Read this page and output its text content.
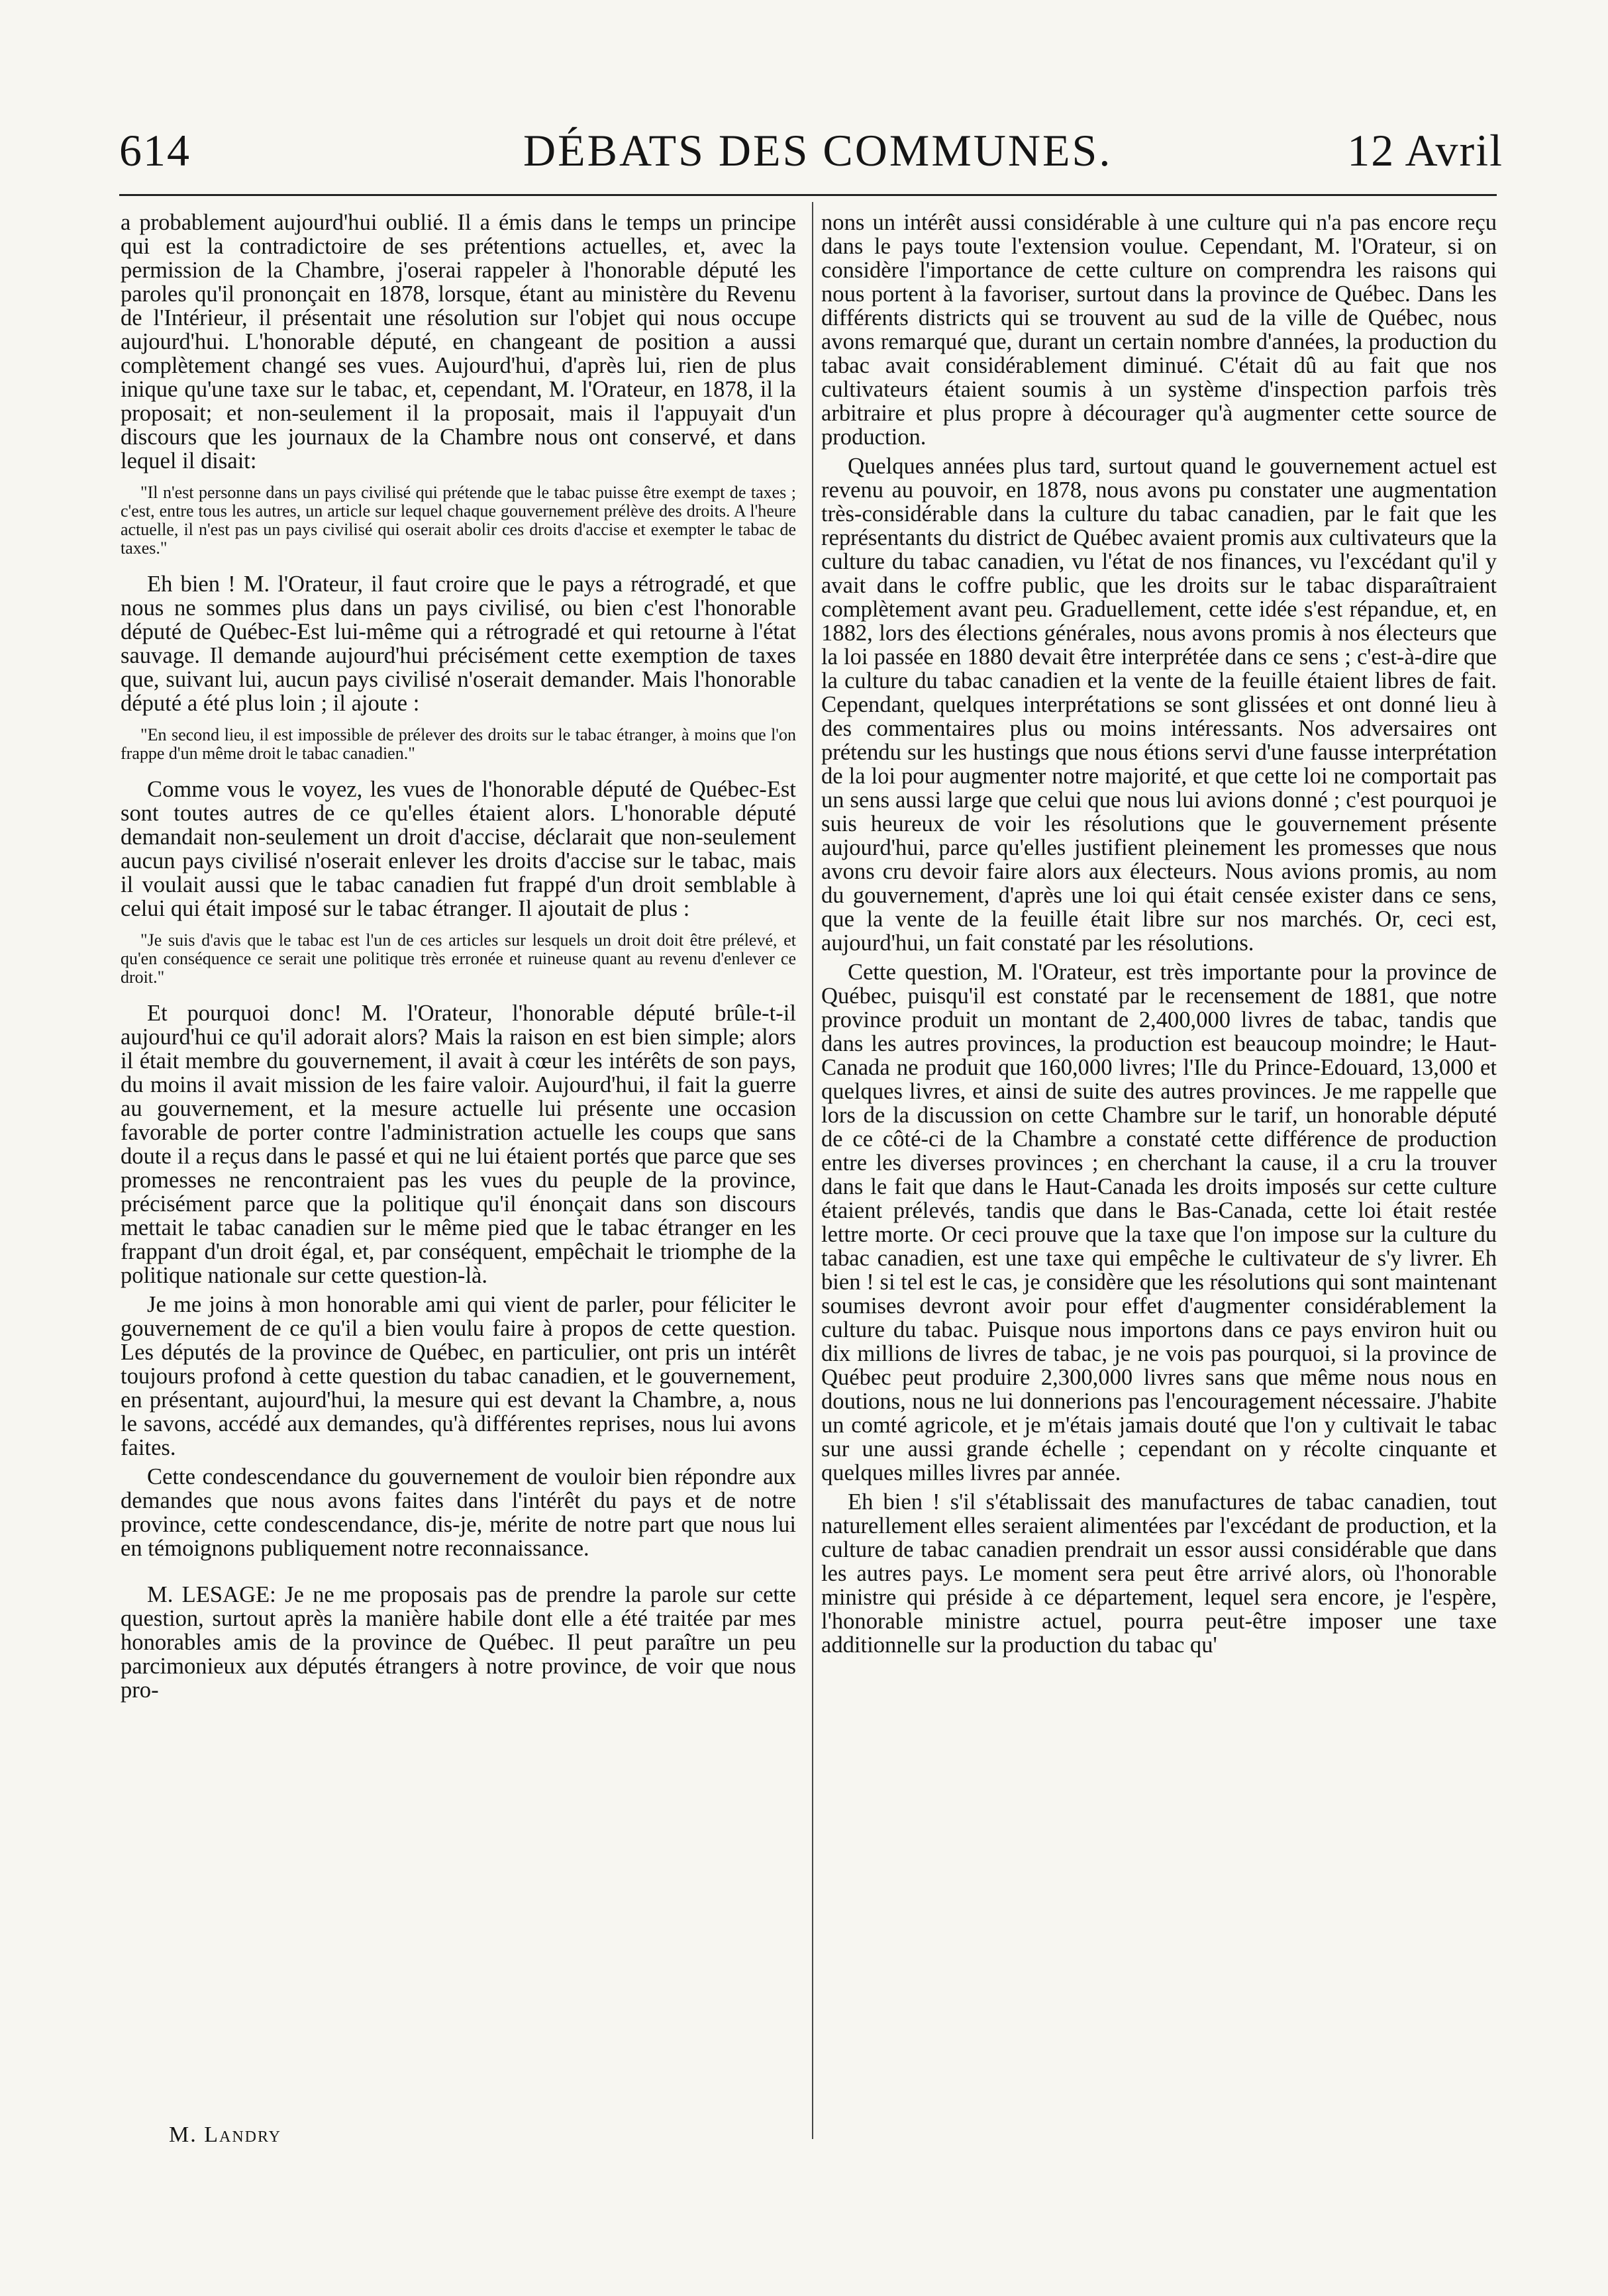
614	DÉBATS DES COMMUNES.	12 Avril

a probablement aujourd'hui oublié. Il a émis dans le temps un principe qui est la contradictoire de ses prétentions actuelles, et, avec la permission de la Chambre, j'oserai rappeler à l'honorable député les paroles qu'il prononçait en 1878, lorsque, étant au ministère du Revenu de l'Intérieur, il présentait une résolution sur l'objet qui nous occupe aujourd'hui. L'honorable député, en changeant de position a aussi complètement changé ses vues. Aujourd'hui, d'après lui, rien de plus inique qu'une taxe sur le tabac, et, cependant, M. l'Orateur, en 1878, il la proposait; et non-seulement il la proposait, mais il l'appuyait d'un discours que les journaux de la Chambre nous ont conservé, et dans lequel il disait:

"Il n'est personne dans un pays civilisé qui prétende que le tabac puisse être exempt de taxes ; c'est, entre tous les autres, un article sur lequel chaque gouvernement prélève des droits. A l'heure actuelle, il n'est pas un pays civilisé qui oserait abolir ces droits d'accise et exempter le tabac de taxes."

Eh bien ! M. l'Orateur, il faut croire que le pays a rétrogradé, et que nous ne sommes plus dans un pays civilisé, ou bien c'est l'honorable député de Québec-Est lui-même qui a rétrogradé et qui retourne à l'état sauvage. Il demande aujourd'hui précisément cette exemption de taxes que, suivant lui, aucun pays civilisé n'oserait demander. Mais l'honorable député a été plus loin ; il ajoute :

"En second lieu, il est impossible de prélever des droits sur le tabac étranger, à moins que l'on frappe d'un même droit le tabac canadien."

Comme vous le voyez, les vues de l'honorable député de Québec-Est sont toutes autres de ce qu'elles étaient alors. L'honorable député demandait non-seulement un droit d'accise, déclarait que non-seulement aucun pays civilisé n'oserait enlever les droits d'accise sur le tabac, mais il voulait aussi que le tabac canadien fut frappé d'un droit semblable à celui qui était imposé sur le tabac étranger. Il ajoutait de plus :

"Je suis d'avis que le tabac est l'un de ces articles sur lesquels un droit doit être prélevé, et qu'en conséquence ce serait une politique très erronée et ruineuse quant au revenu d'enlever ce droit."

Et pourquoi donc! M. l'Orateur, l'honorable député brûle-t-il aujourd'hui ce qu'il adorait alors? Mais la raison en est bien simple; alors il était membre du gouvernement, il avait à cœur les intérêts de son pays, du moins il avait mission de les faire valoir. Aujourd'hui, il fait la guerre au gouvernement, et la mesure actuelle lui présente une occasion favorable de porter contre l'administration actuelle les coups que sans doute il a reçus dans le passé et qui ne lui étaient portés que parce que ses promesses ne rencontraient pas les vues du peuple de la province, précisément parce que la politique qu'il énonçait dans son discours mettait le tabac canadien sur le même pied que le tabac étranger en les frappant d'un droit égal, et, par conséquent, empêchait le triomphe de la politique nationale sur cette question-là.

Je me joins à mon honorable ami qui vient de parler, pour féliciter le gouvernement de ce qu'il a bien voulu faire à propos de cette question. Les députés de la province de Québec, en particulier, ont pris un intérêt toujours profond à cette question du tabac canadien, et le gouvernement, en présentant, aujourd'hui, la mesure qui est devant la Chambre, a, nous le savons, accédé aux demandes, qu'à différentes reprises, nous lui avons faites.

Cette condescendance du gouvernement de vouloir bien répondre aux demandes que nous avons faites dans l'intérêt du pays et de notre province, cette condescendance, dis-je, mérite de notre part que nous lui en témoignons publiquement notre reconnaissance.

M. LESAGE: Je ne me proposais pas de prendre la parole sur cette question, surtout après la manière habile dont elle a été traitée par mes honorables amis de la province de Québec. Il peut paraître un peu parcimonieux aux députés étrangers à notre province, de voir que nous pro-

nons un intérêt aussi considérable à une culture qui n'a pas encore reçu dans le pays toute l'extension voulue. Cependant, M. l'Orateur, si on considère l'importance de cette culture on comprendra les raisons qui nous portent à la favoriser, surtout dans la province de Québec. Dans les différents districts qui se trouvent au sud de la ville de Québec, nous avons remarqué que, durant un certain nombre d'années, la production du tabac avait considérablement diminué. C'était dû au fait que nos cultivateurs étaient soumis à un système d'inspection parfois très arbitraire et plus propre à décourager qu'à augmenter cette source de production.

Quelques années plus tard, surtout quand le gouvernement actuel est revenu au pouvoir, en 1878, nous avons pu constater une augmentation très-considérable dans la culture du tabac canadien, par le fait que les représentants du district de Québec avaient promis aux cultivateurs que la culture du tabac canadien, vu l'état de nos finances, vu l'excédant qu'il y avait dans le coffre public, que les droits sur le tabac disparaîtraient complètement avant peu. Graduellement, cette idée s'est répandue, et, en 1882, lors des élections générales, nous avons promis à nos électeurs que la loi passée en 1880 devait être interprétée dans ce sens ; c'est-à-dire que la culture du tabac canadien et la vente de la feuille étaient libres de fait. Cependant, quelques interprétations se sont glissées et ont donné lieu à des commentaires plus ou moins intéressants. Nos adversaires ont prétendu sur les hustings que nous étions servi d'une fausse interprétation de la loi pour augmenter notre majorité, et que cette loi ne comportait pas un sens aussi large que celui que nous lui avions donné ; c'est pourquoi je suis heureux de voir les résolutions que le gouvernement présente aujourd'hui, parce qu'elles justifient pleinement les promesses que nous avons cru devoir faire alors aux électeurs. Nous avions promis, au nom du gouvernement, d'après une loi qui était censée exister dans ce sens, que la vente de la feuille était libre sur nos marchés. Or, ceci est, aujourd'hui, un fait constaté par les résolutions.

Cette question, M. l'Orateur, est très importante pour la province de Québec, puisqu'il est constaté par le recensement de 1881, que notre province produit un montant de 2,400,000 livres de tabac, tandis que dans les autres provinces, la production est beaucoup moindre; le Haut-Canada ne produit que 160,000 livres; l'Ile du Prince-Edouard, 13,000 et quelques livres, et ainsi de suite des autres provinces. Je me rappelle que lors de la discussion on cette Chambre sur le tarif, un honorable député de ce côté-ci de la Chambre a constaté cette différence de production entre les diverses provinces ; en cherchant la cause, il a cru la trouver dans le fait que dans le Haut-Canada les droits imposés sur cette culture étaient prélevés, tandis que dans le Bas-Canada, cette loi était restée lettre morte. Or ceci prouve que la taxe que l'on impose sur la culture du tabac canadien, est une taxe qui empêche le cultivateur de s'y livrer. Eh bien ! si tel est le cas, je considère que les résolutions qui sont maintenant soumises devront avoir pour effet d'augmenter considérablement la culture du tabac. Puisque nous importons dans ce pays environ huit ou dix millions de livres de tabac, je ne vois pas pourquoi, si la province de Québec peut produire 2,300,000 livres sans que même nous nous en doutions, nous ne lui donnerions pas l'encouragement nécessaire. J'habite un comté agricole, et je m'étais jamais douté que l'on y cultivait le tabac sur une aussi grande échelle ; cependant on y récolte cinquante et quelques milles livres par année.

Eh bien ! s'il s'établissait des manufactures de tabac canadien, tout naturellement elles seraient alimentées par l'excédant de production, et la culture de tabac canadien prendrait un essor aussi considérable que dans les autres pays. Le moment sera peut être arrivé alors, où l'honorable ministre qui préside à ce département, lequel sera encore, je l'espère, l'honorable ministre actuel, pourra peut-être imposer une taxe additionnelle sur la production du tabac qu'

M. Landry
